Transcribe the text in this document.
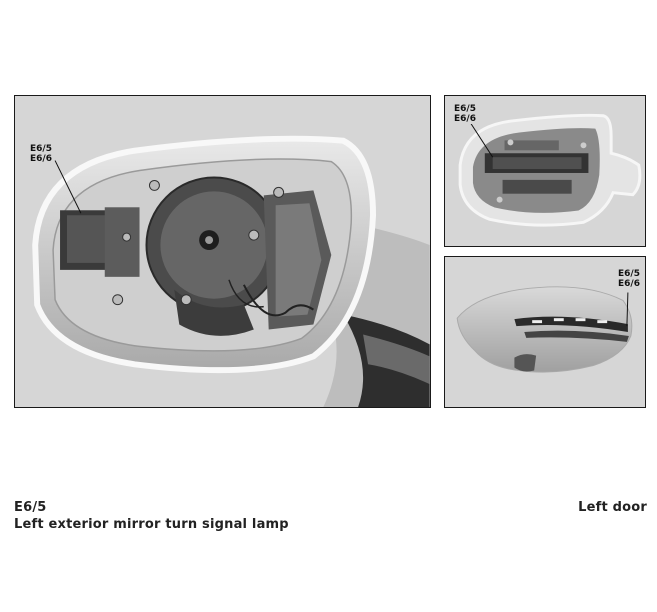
E6/5
E6/6
E6/5
E6/6
E6/5
E6/6
E6/5
Left exterior mirror turn signal lamp
Left door
